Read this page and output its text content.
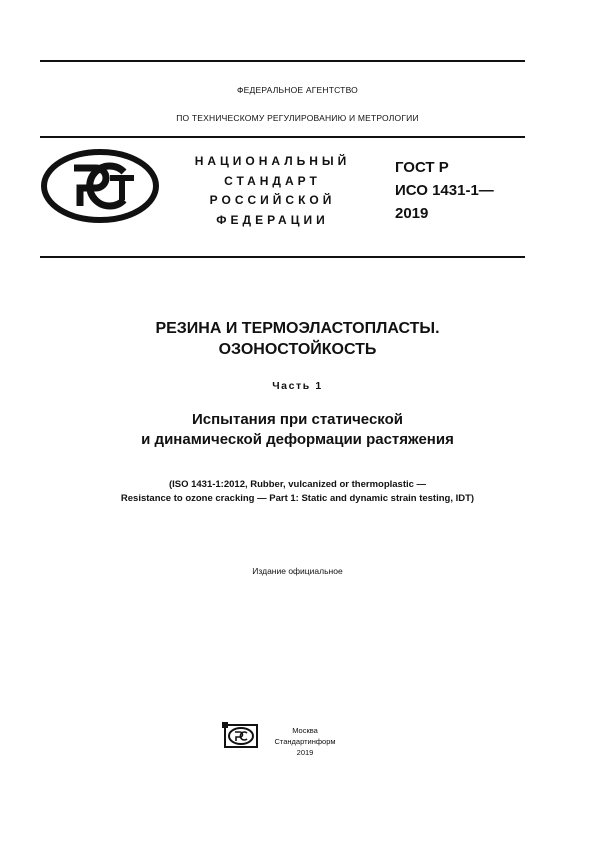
ФЕДЕРАЛЬНОЕ АГЕНТСТВО
ПО ТЕХНИЧЕСКОМУ РЕГУЛИРОВАНИЮ И МЕТРОЛОГИИ
НАЦИОНАЛЬНЫЙ
СТАНДАРТ
РОССИЙСКОЙ
ФЕДЕРАЦИИ
ГОСТ Р
ИСО 1431-1—
2019
РЕЗИНА И ТЕРМОЭЛАСТОПЛАСТЫ.
ОЗОНОСТОЙКОСТЬ
Часть 1
Испытания при статической
и динамической деформации растяжения
(ISO 1431-1:2012, Rubber, vulcanized or thermoplastic —
Resistance to ozone cracking — Part 1: Static and dynamic strain testing, IDT)
Издание официальное
Москва
Стандартинформ
2019
